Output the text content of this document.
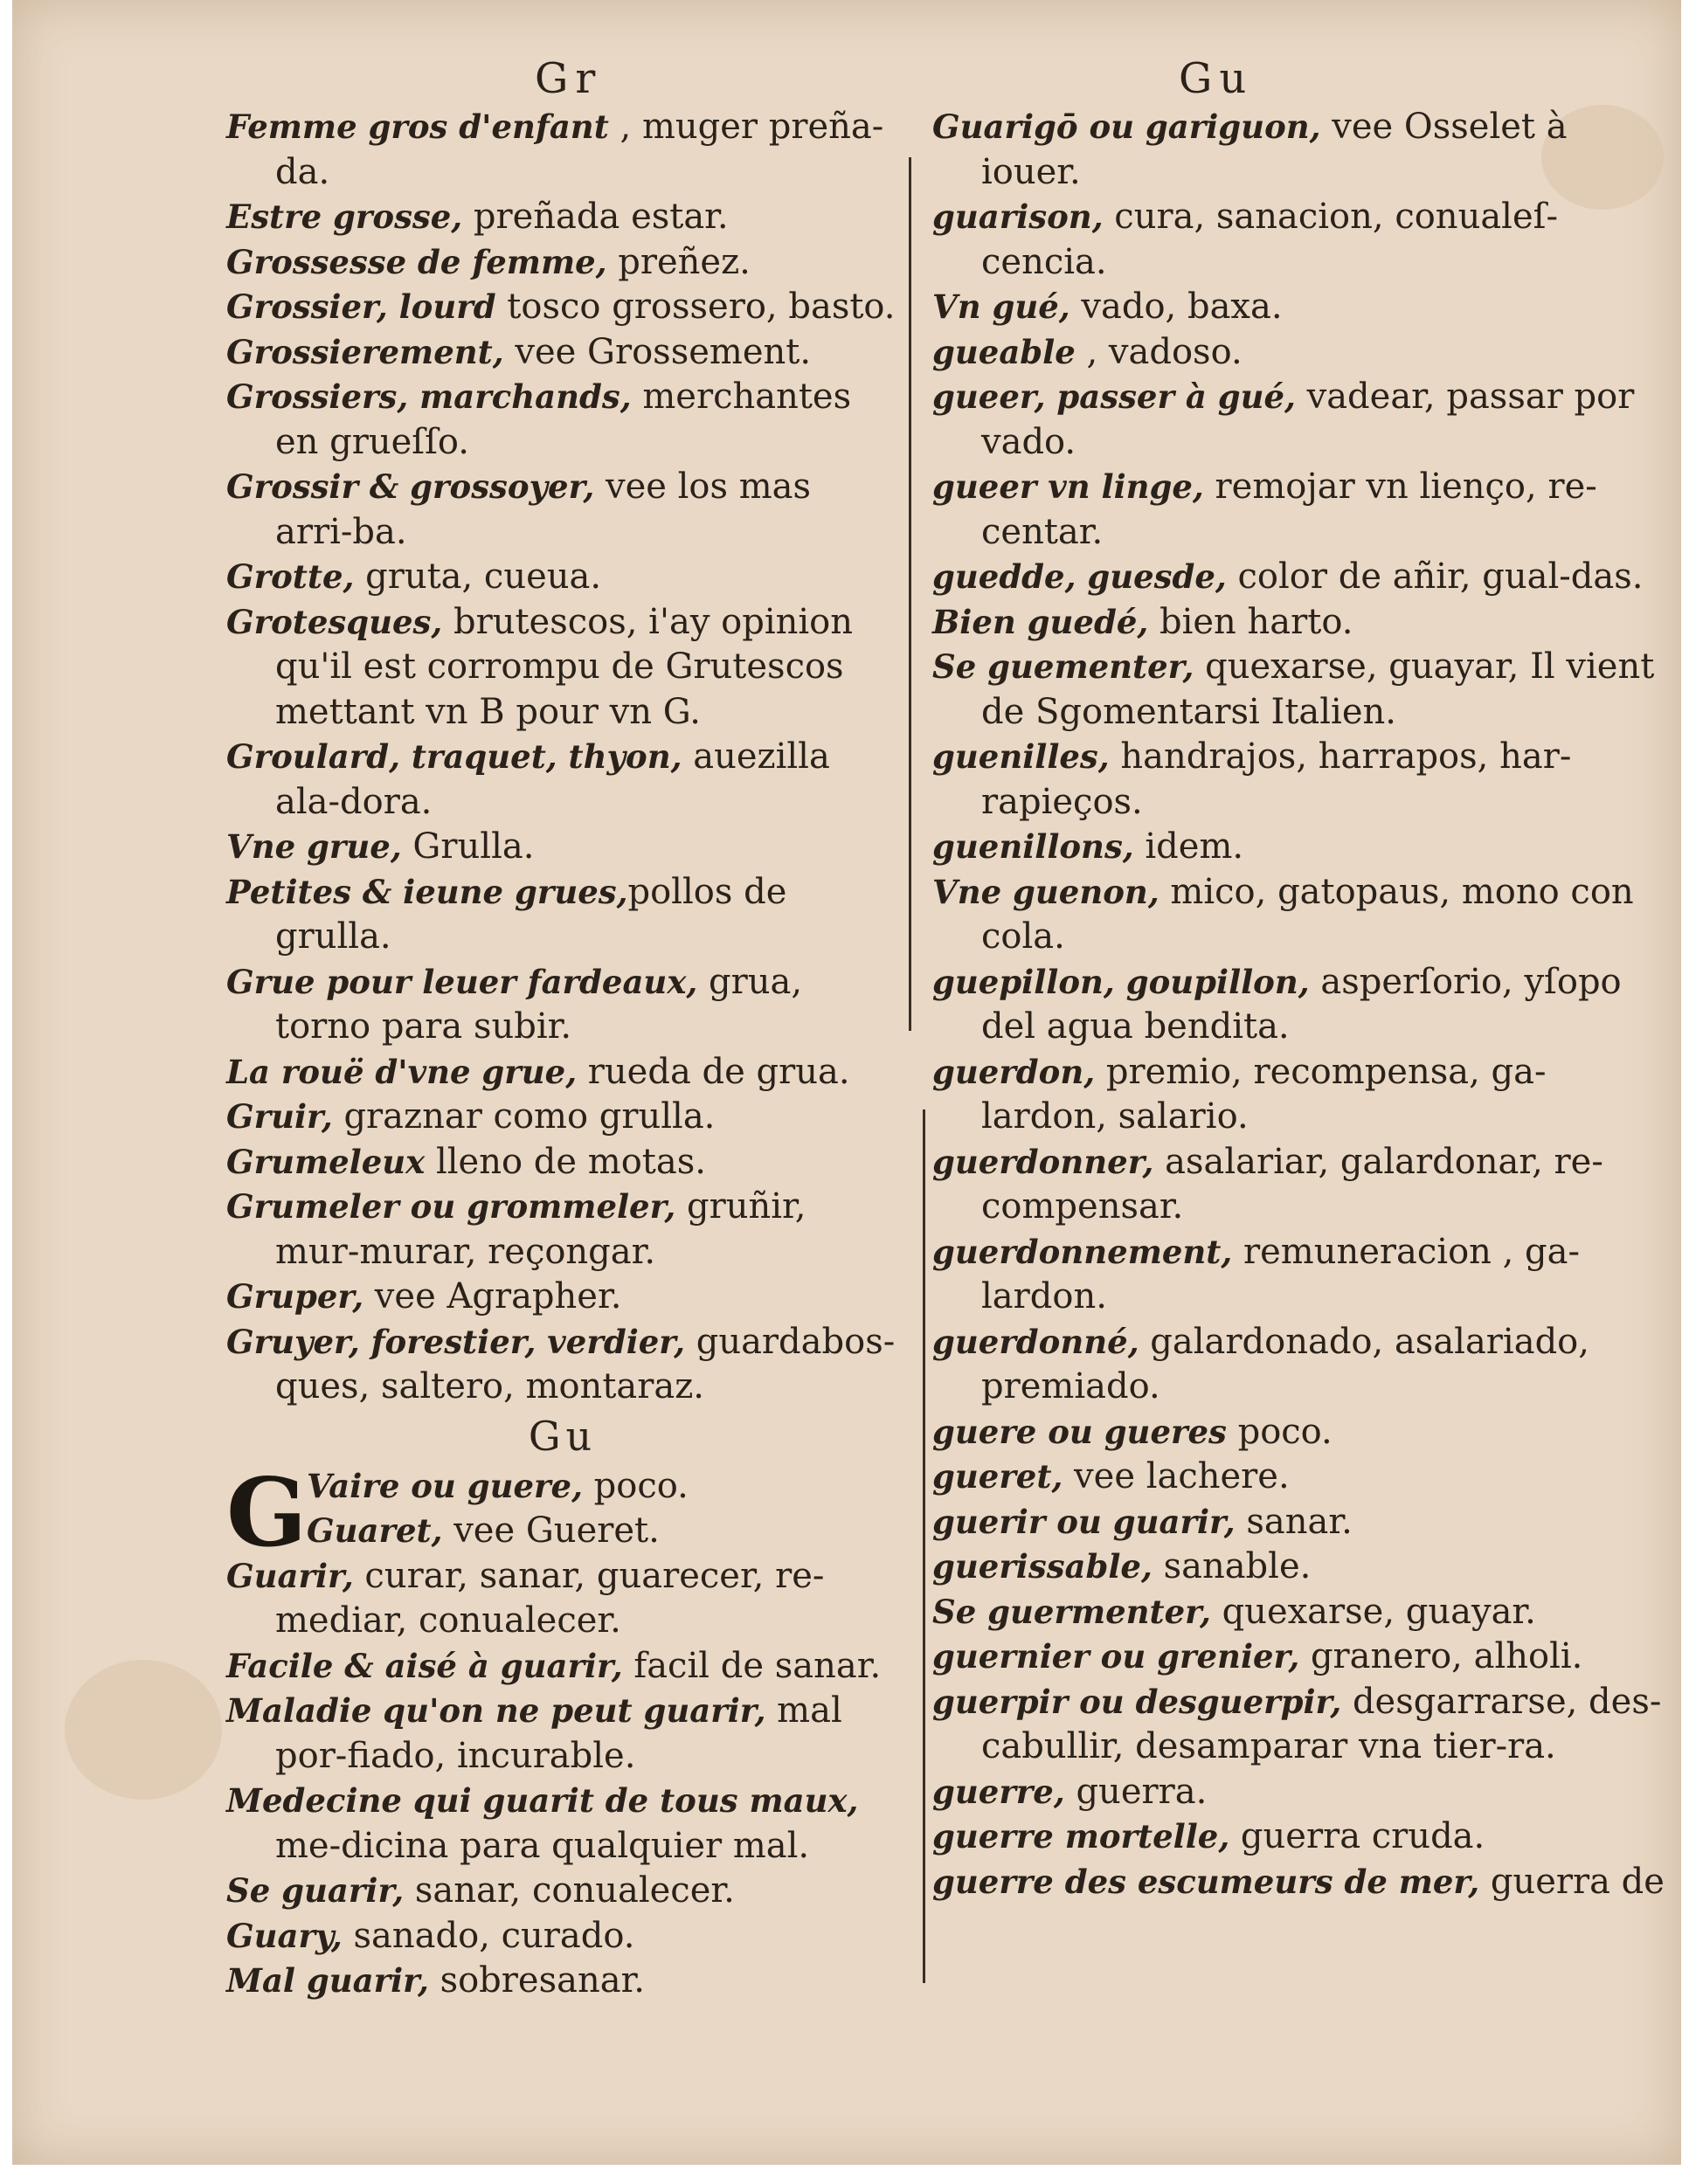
Gr	Gu

Femme gros d'enfant , muger preña-da.

Estre grosse, preñada estar.

Grossesse de femme, preñez.

Grossier, lourd tosco grossero, basto.

Grossierement, vee Grossement.

Grossiers, marchands, merchantes en grueſſo.

Grossir & grossoyer, vee los mas arri-ba.

Grotte, gruta, cueua.

Grotesques, brutescos, i'ay opinion qu'il est corrompu de Grutescos mettant vn B pour vn G.

Groulard, traquet, thyon, auezilla ala-dora.

Vne grue, Grulla.

Petites & ieune grues,pollos de grulla.

Grue pour leuer fardeaux, grua, torno para subir.

La rouë d'vne grue, rueda de grua.

Gruir, graznar como grulla.

Grumeleux lleno de motas.

Grumeler ou grommeler, gruñir, mur-murar, reçongar.

Gruper, vee Agrapher.

Gruyer, forestier, verdier, guardabos-ques, saltero, montaraz.

Gu
G Vaire ou guere, poco.

Guaret, vee Gueret.

Guarir, curar, sanar, guarecer, re-mediar, conualecer.

Facile & aisé à guarir, facil de sanar.

Maladie qu'on ne peut guarir, mal por-fiado, incurable.

Medecine qui guarit de tous maux, me-dicina para qualquier mal.

Se guarir, sanar, conualecer.

Guary, sanado, curado.

Mal guarir, sobresanar.

Guarigō ou gariguon, vee Osselet à iouer.

guarison, cura, sanacion, conualeſ-cencia.

Vn gué, vado, baxa.

gueable , vadoso.

gueer, passer à gué, vadear, passar por vado.

gueer vn linge, remojar vn lienço, re-centar.

guedde, guesde, color de añir, gual-das.

Bien guedé, bien harto.

Se guementer, quexarse, guayar, Il vient de Sgomentarsi Italien.

guenilles, handrajos, harrapos, har-rapieços.

guenillons, idem.

Vne guenon, mico, gatopaus, mono con cola.

guepillon, goupillon, asperſorio, yſopo del agua bendita.

guerdon, premio, recompensa, ga-lardon, salario.

guerdonner, asalariar, galardonar, re-compensar.

guerdonnement, remuneracion , ga-lardon.

guerdonné, galardonado, asalariado, premiado.

guere ou gueres poco.

gueret, vee lachere.

guerir ou guarir, sanar.

guerissable, sanable.

Se guermenter, quexarse, guayar.

guernier ou grenier, granero, alholi.

guerpir ou desguerpir, desgarrarse, des-cabullir, desamparar vna tier-ra.

guerre, guerra.

guerre mortelle, guerra cruda.

guerre des escumeurs de mer, guerra de
